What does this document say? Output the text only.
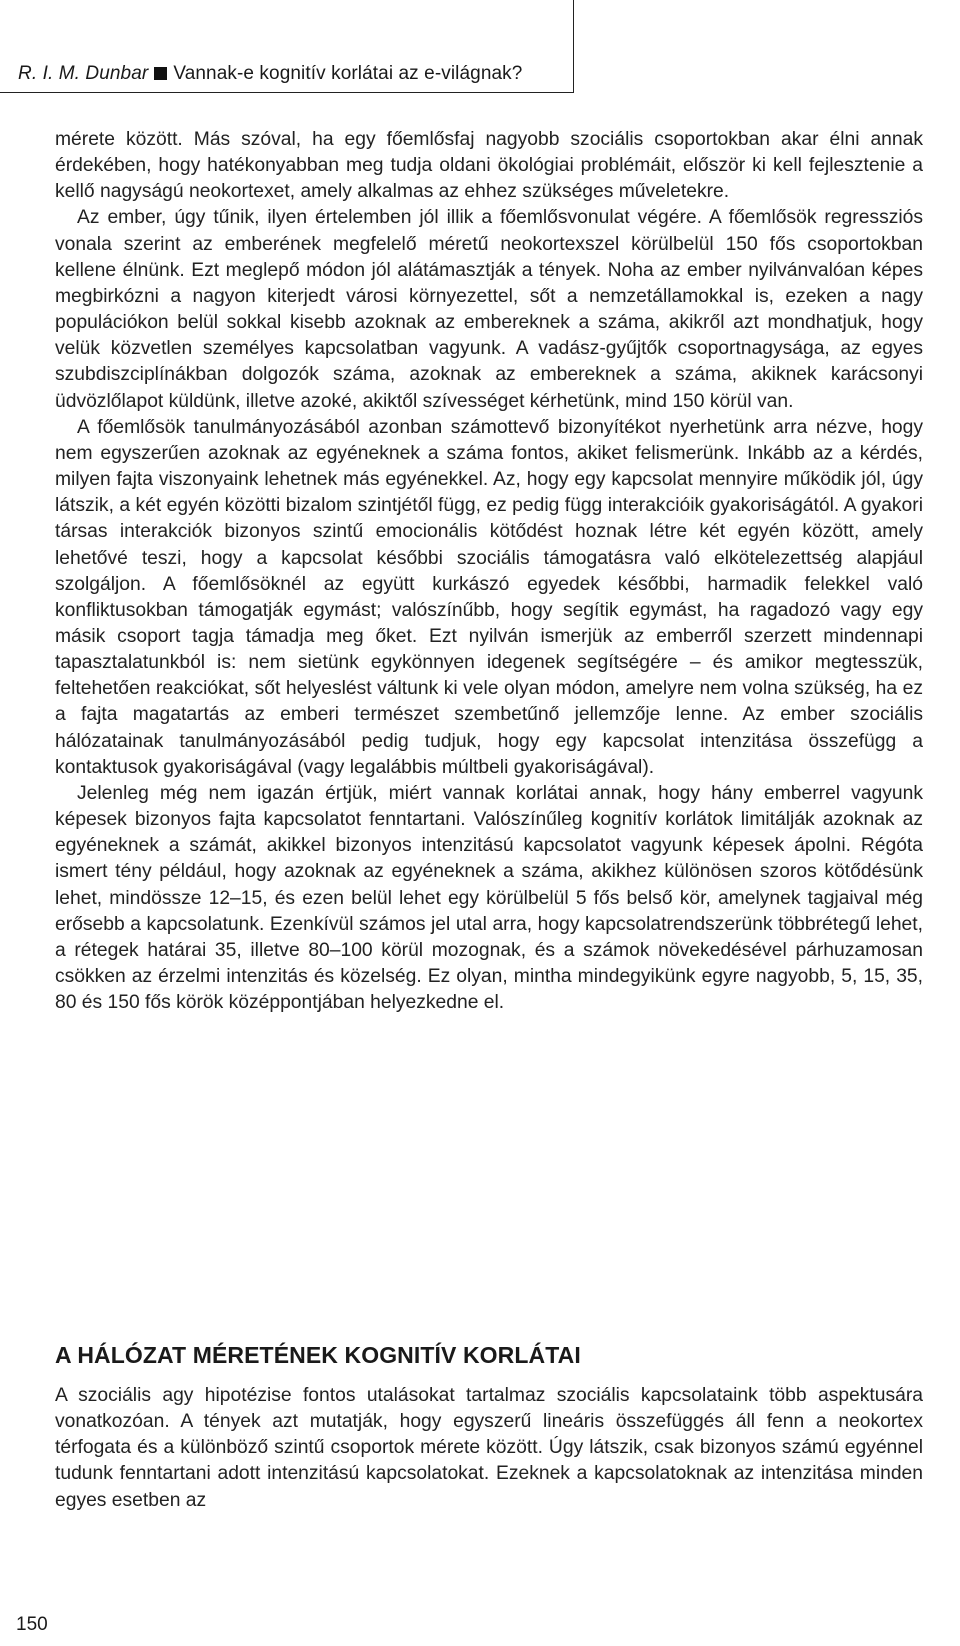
R. I. M. Dunbar Vannak-e kognitív korlátai az e-világnak?

mérete között. Más szóval, ha egy főemlősfaj nagyobb szociális csoportokban akar élni annak érdekében, hogy hatékonyabban meg tudja oldani ökológiai problémáit, először ki kell fejlesztenie a kellő nagyságú neokortexet, amely alkalmas az ehhez szükséges műveletekre.

Az ember, úgy tűnik, ilyen értelemben jól illik a főemlősvonulat végére. A főemlősök regressziós vonala szerint az emberének megfelelő méretű neokortexszel körülbelül 150 fős csoportokban kellene élnünk. Ezt meglepő módon jól alátámasztják a tények. Noha az ember nyilvánvalóan képes megbirkózni a nagyon kiterjedt városi környezettel, sőt a nemzetállamokkal is, ezeken a nagy populációkon belül sokkal kisebb azoknak az embereknek a száma, akikről azt mondhatjuk, hogy velük közvetlen személyes kapcsolatban vagyunk. A vadász-gyűjtők csoportnagysága, az egyes szubdiszciplínákban dolgozók száma, azoknak az embereknek a száma, akiknek karácsonyi üdvözlőlapot küldünk, illetve azoké, akiktől szívességet kérhetünk, mind 150 körül van.

A főemlősök tanulmányozásából azonban számottevő bizonyítékot nyerhetünk arra nézve, hogy nem egyszerűen azoknak az egyéneknek a száma fontos, akiket felismerünk. Inkább az a kérdés, milyen fajta viszonyaink lehetnek más egyénekkel. Az, hogy egy kapcsolat mennyire működik jól, úgy látszik, a két egyén közötti bizalom szintjétől függ, ez pedig függ interakcióik gyakoriságától. A gyakori társas interakciók bizonyos szintű emocionális kötődést hoznak létre két egyén között, amely lehetővé teszi, hogy a kapcsolat későbbi szociális támogatásra való elkötelezettség alapjául szolgáljon. A főemlősöknél az együtt kurkászó egyedek későbbi, harmadik felekkel való konfliktusokban támogatják egymást; valószínűbb, hogy segítik egymást, ha ragadozó vagy egy másik csoport tagja támadja meg őket. Ezt nyilván ismerjük az emberről szerzett mindennapi tapasztalatunkból is: nem sietünk egykönnyen idegenek segítségére – és amikor megtesszük, feltehetően reakciókat, sőt helyeslést váltunk ki vele olyan módon, amelyre nem volna szükség, ha ez a fajta magatartás az emberi természet szembetűnő jellemzője lenne. Az ember szociális hálózatainak tanulmányozásából pedig tudjuk, hogy egy kapcsolat intenzitása összefügg a kontaktusok gyakoriságával (vagy legalábbis múltbeli gyakoriságával).

Jelenleg még nem igazán értjük, miért vannak korlátai annak, hogy hány emberrel vagyunk képesek bizonyos fajta kapcsolatot fenntartani. Valószínűleg kognitív korlátok limitálják azoknak az egyéneknek a számát, akikkel bizonyos intenzitású kapcsolatot vagyunk képesek ápolni. Régóta ismert tény például, hogy azoknak az egyéneknek a száma, akikhez különösen szoros kötődésünk lehet, mindössze 12–15, és ezen belül lehet egy körülbelül 5 fős belső kör, amelynek tagjaival még erősebb a kapcsolatunk. Ezenkívül számos jel utal arra, hogy kapcsolatrendszerünk többrétegű lehet, a rétegek határai 35, illetve 80–100 körül mozognak, és a számok növekedésével párhuzamosan csökken az érzelmi intenzitás és közelség. Ez olyan, mintha mindegyikünk egyre nagyobb, 5, 15, 35, 80 és 150 fős körök középpontjában helyezkedne el.

A HÁLÓZAT MÉRETÉNEK KOGNITÍV KORLÁTAI

A szociális agy hipotézise fontos utalásokat tartalmaz szociális kapcsolataink több aspektusára vonatkozóan. A tények azt mutatják, hogy egyszerű lineáris összefüggés áll fenn a neokortex térfogata és a különböző szintű csoportok mérete között. Úgy látszik, csak bizonyos számú egyénnel tudunk fenntartani adott intenzitású kapcsolatokat. Ezeknek a kapcsolatoknak az intenzitása minden egyes esetben az

150
